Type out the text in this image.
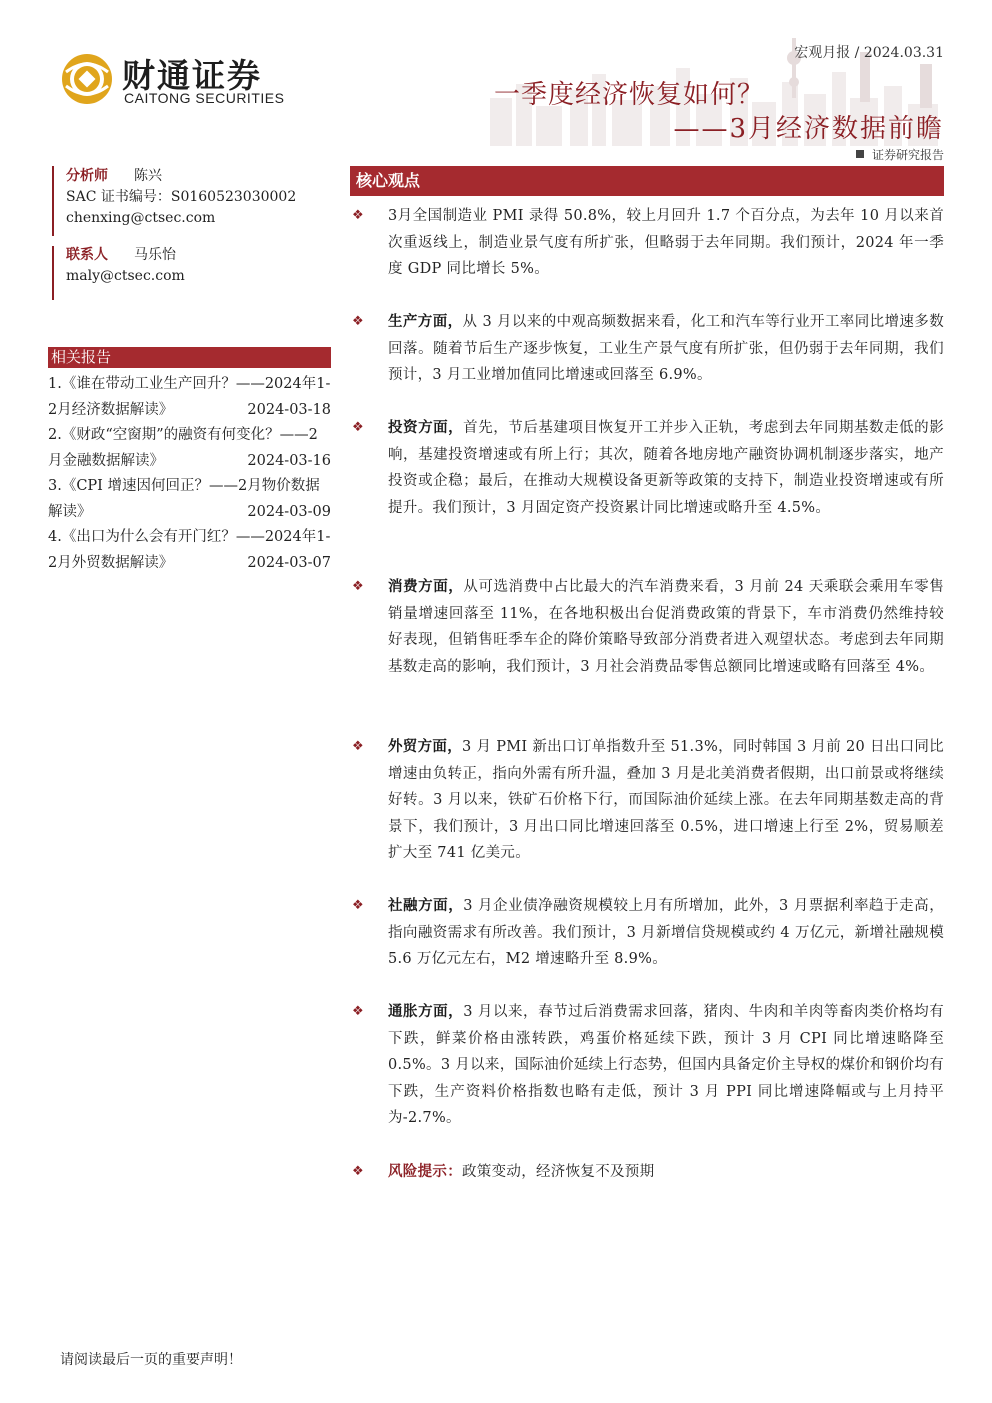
财通证券
CAITONG SECURITIES
宏观月报 / 2024.03.31
一季度经济恢复如何？
——3月经济数据前瞻
证券研究报告
分析师 陈兴
SAC 证书编号：S0160523030002
chenxing@ctsec.com
联系人 马乐怡
maly@ctsec.com
相关报告
1.《谁在带动工业生产回升？——2024年1-2月经济数据解读》	2024-03-18
2.《财政“空窗期”的融资有何变化？——2月金融数据解读》	2024-03-16
3.《CPI 增速因何回正？——2月物价数据解读》	2024-03-09
4.《出口为什么会有开门红？——2024年1-2月外贸数据解读》	2024-03-07
核心观点
❖ 3月全国制造业 PMI 录得 50.8%，较上月回升 1.7 个百分点，为去年 10 月以来首次重返线上，制造业景气度有所扩张，但略弱于去年同期。我们预计，2024 年一季度 GDP 同比增长 5%。
❖ 生产方面，从 3 月以来的中观高频数据来看，化工和汽车等行业开工率同比增速多数回落。随着节后生产逐步恢复，工业生产景气度有所扩张，但仍弱于去年同期，我们预计，3 月工业增加值同比增速或回落至 6.9%。
❖ 投资方面，首先，节后基建项目恢复开工并步入正轨，考虑到去年同期基数走低的影响，基建投资增速或有所上行；其次，随着各地房地产融资协调机制逐步落实，地产投资或企稳；最后，在推动大规模设备更新等政策的支持下，制造业投资增速或有所提升。我们预计，3 月固定资产投资累计同比增速或略升至 4.5%。
❖ 消费方面，从可选消费中占比最大的汽车消费来看，3 月前 24 天乘联会乘用车零售销量增速回落至 11%，在各地积极出台促消费政策的背景下，车市消费仍然维持较好表现，但销售旺季车企的降价策略导致部分消费者进入观望状态。考虑到去年同期基数走高的影响，我们预计，3 月社会消费品零售总额同比增速或略有回落至 4%。
❖ 外贸方面，3 月 PMI 新出口订单指数升至 51.3%，同时韩国 3 月前 20 日出口同比增速由负转正，指向外需有所升温，叠加 3 月是北美消费者假期，出口前景或将继续好转。3 月以来，铁矿石价格下行，而国际油价延续上涨。在去年同期基数走高的背景下，我们预计，3 月出口同比增速回落至 0.5%，进口增速上行至 2%，贸易顺差扩大至 741 亿美元。
❖ 社融方面，3 月企业债净融资规模较上月有所增加，此外，3 月票据利率趋于走高，指向融资需求有所改善。我们预计，3 月新增信贷规模或约 4 万亿元，新增社融规模 5.6 万亿元左右，M2 增速略升至 8.9%。
❖ 通胀方面，3 月以来，春节过后消费需求回落，猪肉、牛肉和羊肉等畜肉类价格均有下跌，鲜菜价格由涨转跌，鸡蛋价格延续下跌，预计 3 月 CPI 同比增速略降至 0.5%。3 月以来，国际油价延续上行态势，但国内具备定价主导权的煤价和钢价均有下跌，生产资料价格指数也略有走低，预计 3 月 PPI 同比增速降幅或与上月持平为-2.7%。
❖ 风险提示：政策变动，经济恢复不及预期
请阅读最后一页的重要声明！
